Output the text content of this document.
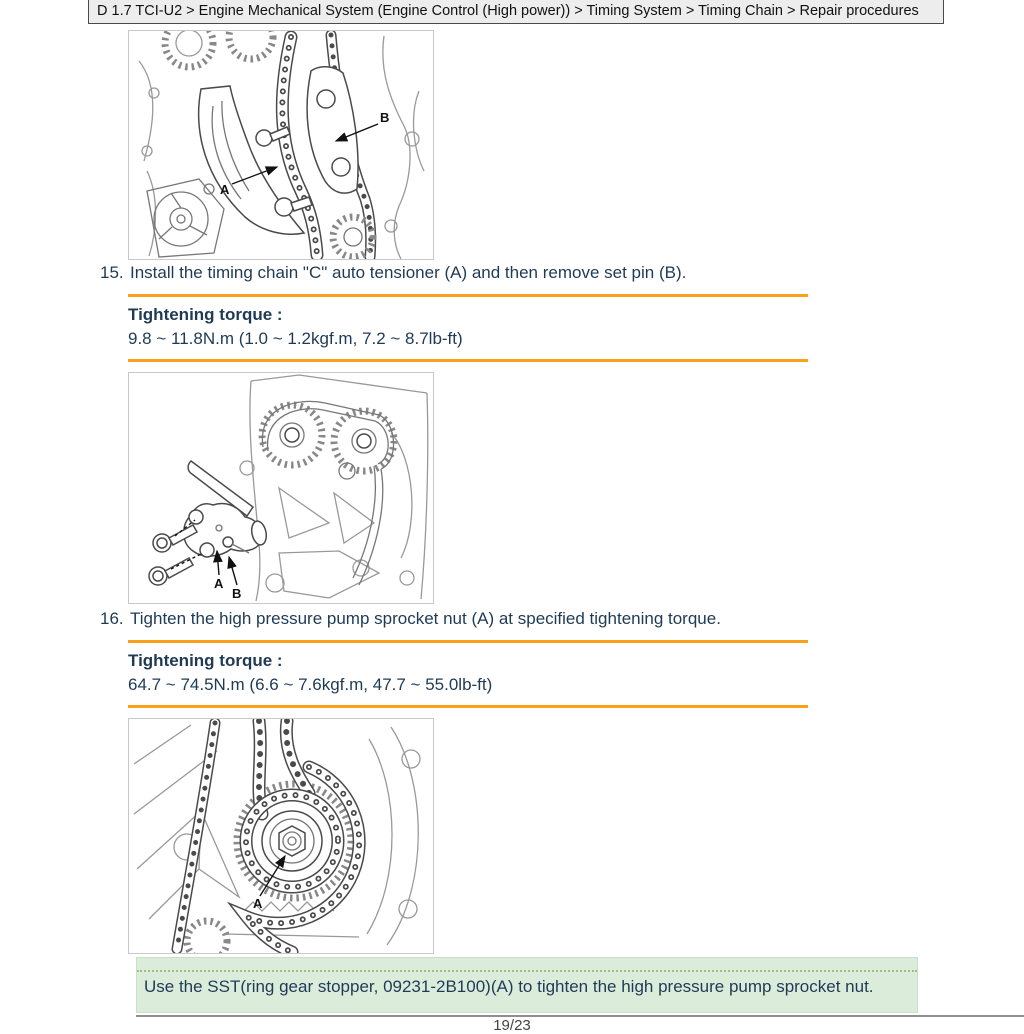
D 1.7 TCI-U2 > Engine Mechanical System (Engine Control (High power)) > Timing System > Timing Chain > Repair procedures
A
B
15. Install the timing chain "C" auto tensioner (A) and then remove set pin (B).
Tightening torque :
9.8 ~ 11.8N.m (1.0 ~ 1.2kgf.m, 7.2 ~ 8.7lb-ft)
A
B
16. Tighten the high pressure pump sprocket nut (A) at specified tightening torque.
Tightening torque :
64.7 ~ 74.5N.m (6.6 ~ 7.6kgf.m, 47.7 ~ 55.0lb-ft)
A
Use the SST(ring gear stopper, 09231-2B100)(A) to tighten the high pressure pump sprocket nut.
19/23
